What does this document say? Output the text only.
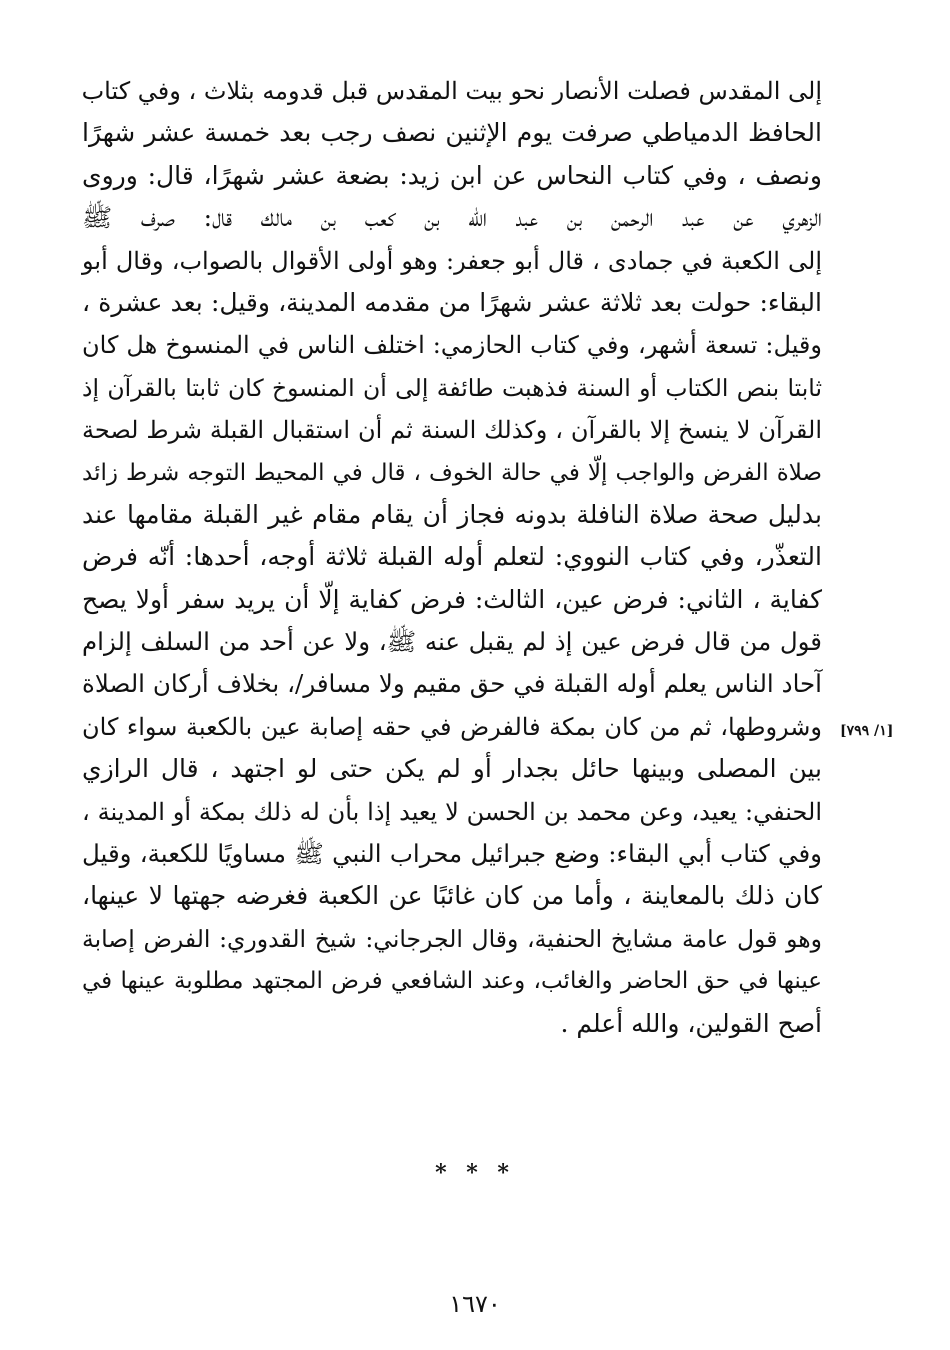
إلى المقدس فصلت الأنصار نحو بيت المقدس قبل قدومه بثلاث ، وفي كتاب
الحافظ الدمياطي صرفت يوم الإثنين نصف رجب بعد خمسة عشر شهرًا
ونصف ، وفي كتاب النحاس عن ابن زيد: بضعة عشر شهرًا، قال: وروى
الزهري عن عبد الرحمن بن عبد الله بن كعب بن مالك قال: صرف ﷺ
إلى الكعبة في جمادى ، قال أبو جعفر: وهو أولى الأقوال بالصواب، وقال أبو
البقاء: حولت بعد ثلاثة عشر شهرًا من مقدمه المدينة، وقيل: بعد عشرة ،
وقيل: تسعة أشهر، وفي كتاب الحازمي: اختلف الناس في المنسوخ هل كان
ثابتا بنص الكتاب أو السنة فذهبت طائفة إلى أن المنسوخ كان ثابتا بالقرآن إذ
القرآن لا ينسخ إلا بالقرآن ، وكذلك السنة ثم أن استقبال القبلة شرط لصحة
صلاة الفرض والواجب إلّا في حالة الخوف ، قال في المحيط التوجه شرط زائد
بدليل صحة صلاة النافلة بدونه فجاز أن يقام مقام غير القبلة مقامها عند
التعذّر، وفي كتاب النووي: لتعلم أوله القبلة ثلاثة أوجه، أحدها: أنّه فرض
كفاية ، الثاني: فرض عين، الثالث: فرض كفاية إلّا أن يريد سفر أولا يصح
قول من قال فرض عين إذ لم يقبل عنه ﷺ، ولا عن أحد من السلف إلزام
آحاد الناس يعلم أوله القبلة في حق مقيم ولا مسافر/، بخلاف أركان الصلاة
وشروطها، ثم من كان بمكة فالفرض في حقه إصابة عين بالكعبة سواء كان
بين المصلى وبينها حائل بجدار أو لم يكن حتى لو اجتهد ، قال الرازي
الحنفي: يعيد، وعن محمد بن الحسن لا يعيد إذا بأن له ذلك بمكة أو المدينة ،
وفي كتاب أبي البقاء: وضع جبرائيل محراب النبي ﷺ مساويًا للكعبة، وقيل
كان ذلك بالمعاينة ، وأما من كان غائبًا عن الكعبة فغرضه جهتها لا عينها،
وهو قول عامة مشايخ الحنفية، وقال الجرجاني: شيخ القدوري: الفرض إصابة
عينها في حق الحاضر والغائب، وعند الشافعي فرض المجتهد مطلوبة عينها في
أصح القولين، والله أعلم .
[١/ ٧٩٩]
* * *
١٦٧٠
